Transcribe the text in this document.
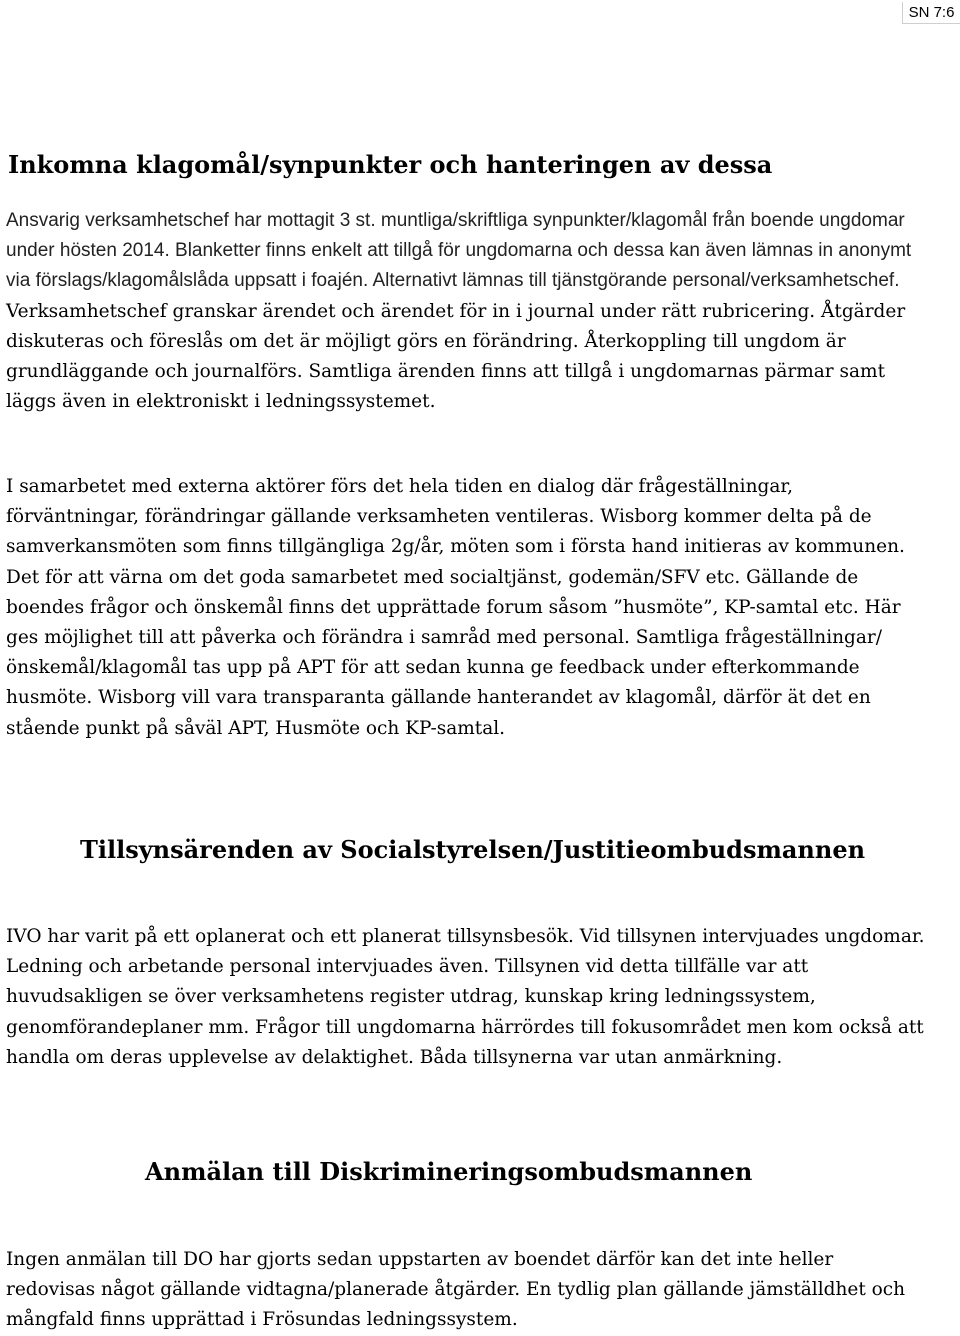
SN 7:6
Inkomna klagomål/synpunkter och hanteringen av dessa

Ansvarig verksamhetschef har mottagit 3 st. muntliga/skriftliga synpunkter/klagomål från boende ungdomar under hösten 2014. Blanketter finns enkelt att tillgå för ungdomarna och dessa kan även lämnas in anonymt via förslags/klagomålslåda uppsatt i foajén. Alternativt lämnas till tjänstgörande personal/verksamhetschef. Verksamhetschef granskar ärendet och ärendet för in i journal under rätt rubricering. Åtgärder diskuteras och föreslås om det är möjligt görs en förändring. Återkoppling till ungdom är grundläggande och journalförs. Samtliga ärenden finns att tillgå i ungdomarnas pärmar samt läggs även in elektroniskt i ledningssystemet.

I samarbetet med externa aktörer förs det hela tiden en dialog där frågeställningar, förväntningar, förändringar gällande verksamheten ventileras. Wisborg kommer delta på de samverkansmöten som finns tillgängliga 2g/år, möten som i första hand initieras av kommunen. Det för att värna om det goda samarbetet med socialtjänst, godemän/SFV etc. Gällande de boendes frågor och önskemål finns det upprättade forum såsom ”husmöte”, KP-samtal etc. Här ges möjlighet till att påverka och förändra i samråd med personal. Samtliga frågeställningar/önskemål/klagomål tas upp på APT för att sedan kunna ge feedback under efterkommande husmöte. Wisborg vill vara transparanta gällande hanterandet av klagomål, därför ät det en stående punkt på såväl APT, Husmöte och KP-samtal.

Tillsynsärenden av Socialstyrelsen/Justitieombudsmannen

IVO har varit på ett oplanerat och ett planerat tillsynsbesök. Vid tillsynen intervjuades ungdomar. Ledning och arbetande personal intervjuades även. Tillsynen vid detta tillfälle var att huvudsakligen se över verksamhetens register utdrag, kunskap kring ledningssystem, genomförandeplaner mm. Frågor till ungdomarna härrördes till fokusområdet men kom också att handla om deras upplevelse av delaktighet. Båda tillsynerna var utan anmärkning.

Anmälan till Diskrimineringsombudsmannen

Ingen anmälan till DO har gjorts sedan uppstarten av boendet därför kan det inte heller redovisas något gällande vidtagna/planerade åtgärder. En tydlig plan gällande jämställdhet och mångfald finns upprättad i Frösundas ledningssystem.
